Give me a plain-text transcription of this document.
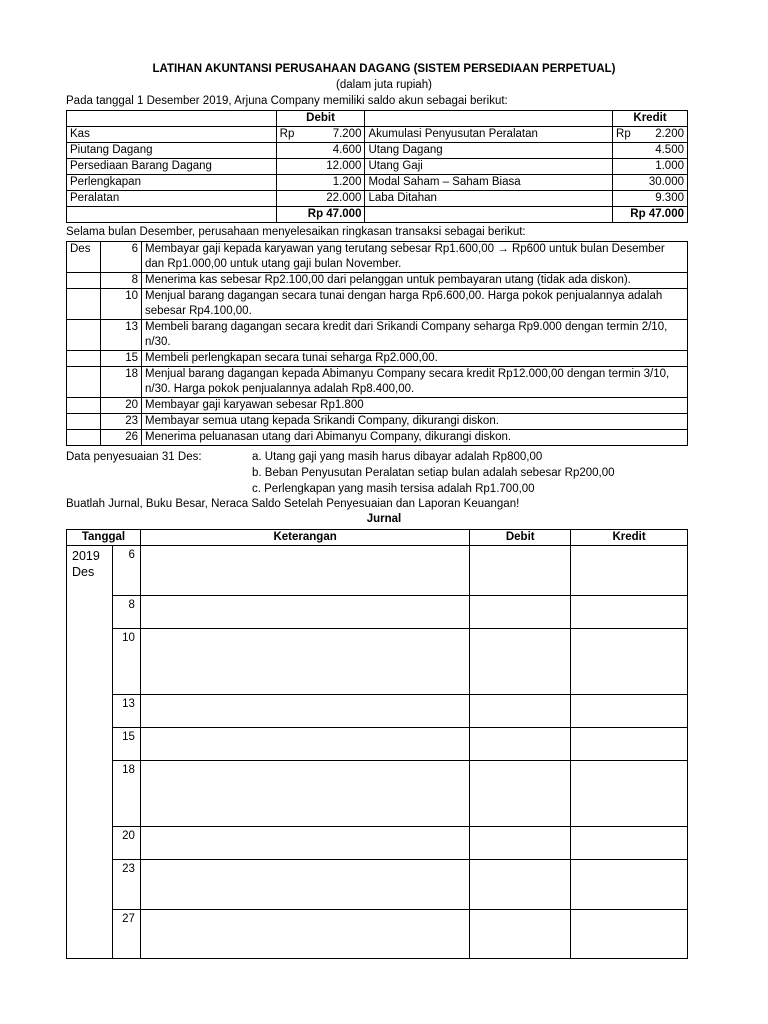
LATIHAN AKUNTANSI PERUSAHAAN DAGANG (SISTEM PERSEDIAAN PERPETUAL)
(dalam juta rupiah)
Pada tanggal 1 Desember 2019, Arjuna Company memiliki saldo akun sebagai berikut:
	Debit		Kredit
Kas	Rp 7.200	Akumulasi Penyusutan Peralatan	Rp 2.200
Piutang Dagang	4.600	Utang Dagang	4.500
Persediaan Barang Dagang	12.000	Utang Gaji	1.000
Perlengkapan	1.200	Modal Saham – Saham Biasa	30.000
Peralatan	22.000	Laba Ditahan	9.300
	Rp 47.000		Rp 47.000
Selama bulan Desember, perusahaan menyelesaikan ringkasan transaksi sebagai berikut:
Des	6	Membayar gaji kepada karyawan yang terutang sebesar Rp1.600,00 → Rp600 untuk bulan Desember dan Rp1.000,00 untuk utang gaji bulan November.
	8	Menerima kas sebesar Rp2.100,00 dari pelanggan untuk pembayaran utang (tidak ada diskon).
	10	Menjual barang dagangan secara tunai dengan harga Rp6.600,00. Harga pokok penjualannya adalah sebesar Rp4.100,00.
	13	Membeli barang dagangan secara kredit dari Srikandi Company seharga Rp9.000 dengan termin 2/10, n/30.
	15	Membeli perlengkapan secara tunai seharga Rp2.000,00.
	18	Menjual barang dagangan kepada Abimanyu Company secara kredit Rp12.000,00 dengan termin 3/10, n/30. Harga pokok penjualannya adalah Rp8.400,00.
	20	Membayar gaji karyawan sebesar Rp1.800
	23	Membayar semua utang kepada Srikandi Company, dikurangi diskon.
	26	Menerima peluanasan utang dari Abimanyu Company, dikurangi diskon.
Data penyesuaian 31 Des:	a. Utang gaji yang masih harus dibayar adalah Rp800,00
b. Beban Penyusutan Peralatan setiap bulan adalah sebesar Rp200,00
c. Perlengkapan yang masih tersisa adalah Rp1.700,00
Buatlah Jurnal, Buku Besar, Neraca Saldo Setelah Penyesuaian dan Laporan Keuangan!
Jurnal
Tanggal		Keterangan	Debit	Kredit

2019
Des	6			
	8			
	10			
	13			
	15			
	18			
	20			
	23			
	27			
